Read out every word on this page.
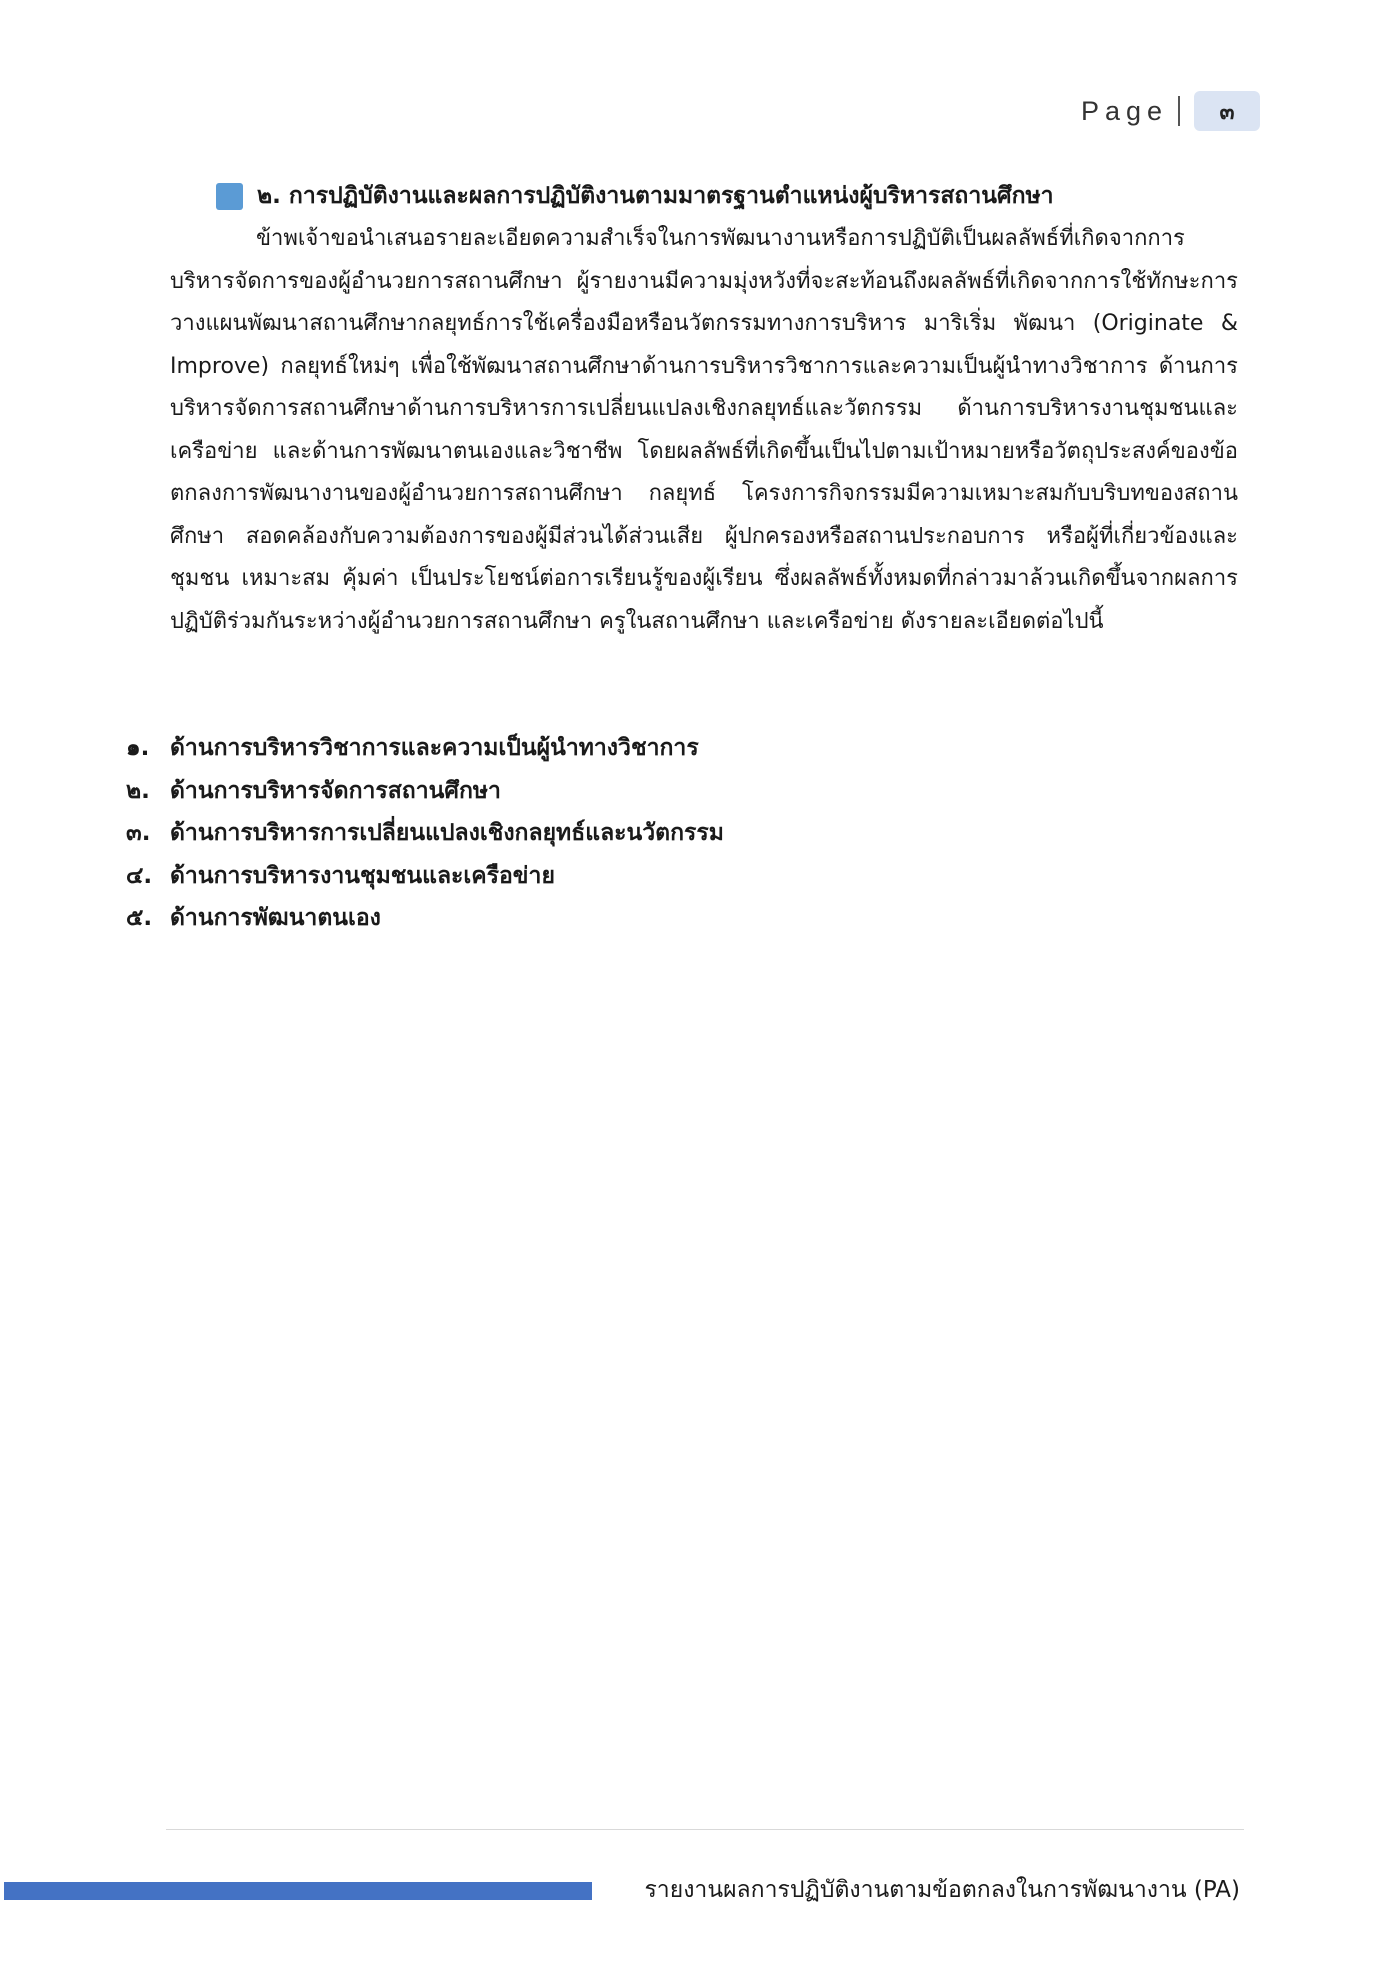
Page	๓
๒. การปฏิบัติงานและผลการปฏิบัติงานตามมาตรฐานตำแหน่งผู้บริหารสถานศึกษา

ข้าพเจ้าขอนำเสนอรายละเอียดความสำเร็จในการพัฒนางานหรือการปฏิบัติเป็นผลลัพธ์ที่เกิดจากการบริหารจัดการของผู้อำนวยการสถานศึกษา ผู้รายงานมีความมุ่งหวังที่จะสะท้อนถึงผลลัพธ์ที่เกิดจากการใช้ทักษะการวางแผนพัฒนาสถานศึกษากลยุทธ์การใช้เครื่องมือหรือนวัตกรรมทางการบริหาร มาริเริ่ม พัฒนา (Originate & Improve) กลยุทธ์ใหม่ๆ เพื่อใช้พัฒนาสถานศึกษาด้านการบริหารวิชาการและความเป็นผู้นำทางวิชาการ ด้านการบริหารจัดการสถานศึกษาด้านการบริหารการเปลี่ยนแปลงเชิงกลยุทธ์และวัตกรรม ด้านการบริหารงานชุมชนและเครือข่าย และด้านการพัฒนาตนเองและวิชาชีพ โดยผลลัพธ์ที่เกิดขึ้นเป็นไปตามเป้าหมายหรือวัตถุประสงค์ของข้อตกลงการพัฒนางานของผู้อำนวยการสถานศึกษา กลยุทธ์ โครงการกิจกรรมมีความเหมาะสมกับบริบทของสถานศึกษา สอดคล้องกับความต้องการของผู้มีส่วนได้ส่วนเสีย ผู้ปกครองหรือสถานประกอบการ หรือผู้ที่เกี่ยวข้องและชุมชน เหมาะสม คุ้มค่า เป็นประโยชน์ต่อการเรียนรู้ของผู้เรียน ซึ่งผลลัพธ์ทั้งหมดที่กล่าวมาล้วนเกิดขึ้นจากผลการปฏิบัติร่วมกันระหว่างผู้อำนวยการสถานศึกษา ครูในสถานศึกษา และเครือข่าย ดังรายละเอียดต่อไปนี้

๑. ด้านการบริหารวิชาการและความเป็นผู้นำทางวิชาการ
๒. ด้านการบริหารจัดการสถานศึกษา
๓. ด้านการบริหารการเปลี่ยนแปลงเชิงกลยุทธ์และนวัตกรรม
๔. ด้านการบริหารงานชุมชนและเครือข่าย
๕. ด้านการพัฒนาตนเอง
รายงานผลการปฏิบัติงานตามข้อตกลงในการพัฒนางาน (PA)
